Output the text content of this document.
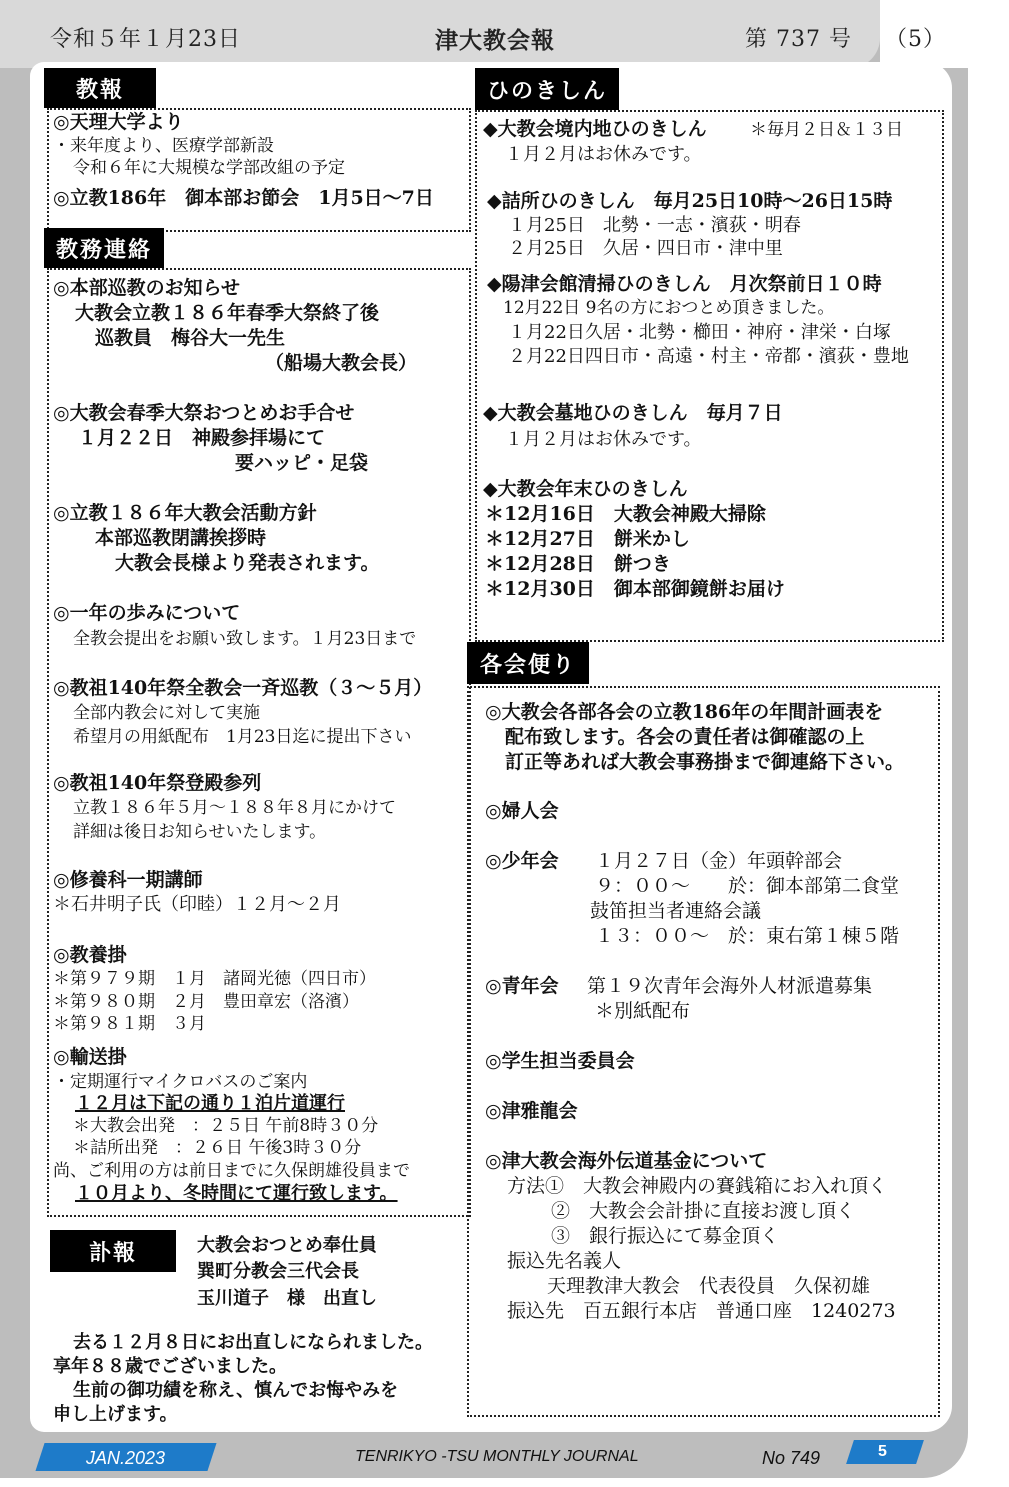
令和５年１月23日	津大教会報	第 737 号 （5）
教報
◎天理大学より
・来年度より、医療学部新設
令和６年に大規模な学部改組の予定
◎立教186年　御本部お節会　1月5日〜7日
教務連絡
◎本部巡教のお知らせ
大教会立教１８６年春季大祭終了後
巡教員　梅谷大一先生
（船場大教会長）
◎大教会春季大祭おつとめお手合せ
１月２２日　神殿参拝場にて
要ハッピ・足袋
◎立教１８６年大教会活動方針
本部巡教閉講挨拶時
大教会長様より発表されます。
◎一年の歩みについて
全教会提出をお願い致します。１月23日まで
◎教祖140年祭全教会一斉巡教（３〜５月）
全部内教会に対して実施
希望月の用紙配布　1月23日迄に提出下さい
◎教祖140年祭登殿参列
立教１８６年５月〜１８８年８月にかけて
詳細は後日お知らせいたします。
◎修養科一期講師
＊石井明子氏（印睦）１２月〜２月
◎教養掛
＊第９７９期　１月　諸岡光徳（四日市）
＊第９８０期　２月　豊田章宏（洛濱）
＊第９８１期　３月
◎輸送掛
・定期運行マイクロバスのご案内
１２月は下記の通り１泊片道運行
＊大教会出発　：２５日 午前8時３０分
＊詰所出発　：２６日 午後3時３０分
尚、ご利用の方は前日までに久保朗雄役員まで
１０月より、冬時間にて運行致します。
訃報	大教会おつとめ奉仕員
巽町分教会三代会長
玉川道子　様　出直し
去る１２月８日にお出直しになられました。
享年８８歳でございました。
生前の御功績を称え、慎んでお悔やみを
申し上げます。
ひのきしん
◆大教会境内地ひのきしん	＊毎月２日＆１３日
１月２月はお休みです。
◆詰所ひのきしん　毎月25日10時〜26日15時
１月25日　北勢・一志・濱荻・明春
２月25日　久居・四日市・津中里
◆陽津会館清掃ひのきしん　月次祭前日１０時
12月22日 9名の方におつとめ頂きました。
１月22日久居・北勢・櫛田・神府・津栄・白塚
２月22日四日市・高遠・村主・帝都・濱荻・豊地
◆大教会墓地ひのきしん　毎月７日
１月２月はお休みです。
◆大教会年末ひのきしん
＊12月16日　大教会神殿大掃除
＊12月27日　餅米かし
＊12月28日　餅つき
＊12月30日　御本部御鏡餅お届け
各会便り
◎大教会各部各会の立教186年の年間計画表を
配布致します。各会の責任者は御確認の上
訂正等あれば大教会事務掛まで御連絡下さい。
◎婦人会
◎少年会 １月２７日（金）年頭幹部会
９：００〜　　於：御本部第二食堂
鼓笛担当者連絡会議
１３：００〜　於：東右第１棟５階
◎青年会 第１９次青年会海外人材派遣募集
＊別紙配布
◎学生担当委員会
◎津雅龍会
◎津大教会海外伝道基金について
方法①　大教会神殿内の賽銭箱にお入れ頂く
②　大教会会計掛に直接お渡し頂く
③　銀行振込にて募金頂く
振込先名義人
天理教津大教会　代表役員　久保初雄
振込先　百五銀行本店　普通口座　1240273
JAN.2023	TENRIKYO -TSU MONTHLY JOURNAL	No 749	5
